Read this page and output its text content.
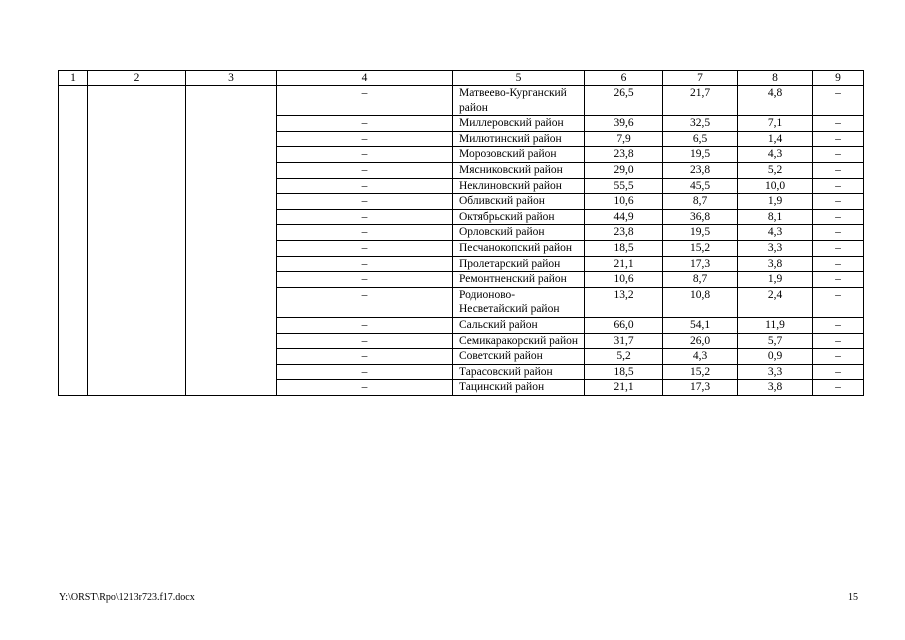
1	2	3	4	5	6	7	8	9
			–	Матвеево-Курганский район	26,5	21,7	4,8	–
			–	Миллеровский район	39,6	32,5	7,1	–
			–	Милютинский район	7,9	6,5	1,4	–
			–	Морозовский район	23,8	19,5	4,3	–
			–	Мясниковский район	29,0	23,8	5,2	–
			–	Неклиновский район	55,5	45,5	10,0	–
			–	Обливский район	10,6	8,7	1,9	–
			–	Октябрьский район	44,9	36,8	8,1	–
			–	Орловский район	23,8	19,5	4,3	–
			–	Песчанокопский район	18,5	15,2	3,3	–
			–	Пролетарский район	21,1	17,3	3,8	–
			–	Ремонтненский район	10,6	8,7	1,9	–
			–	Родионово-Несветайский район	13,2	10,8	2,4	–
			–	Сальский район	66,0	54,1	11,9	–
			–	Семикаракорский район	31,7	26,0	5,7	–
			–	Советский район	5,2	4,3	0,9	–
			–	Тарасовский район	18,5	15,2	3,3	–
			–	Тацинский район	21,1	17,3	3,8	–
Y:\ORST\Rpo\1213r723.f17.docx	15
